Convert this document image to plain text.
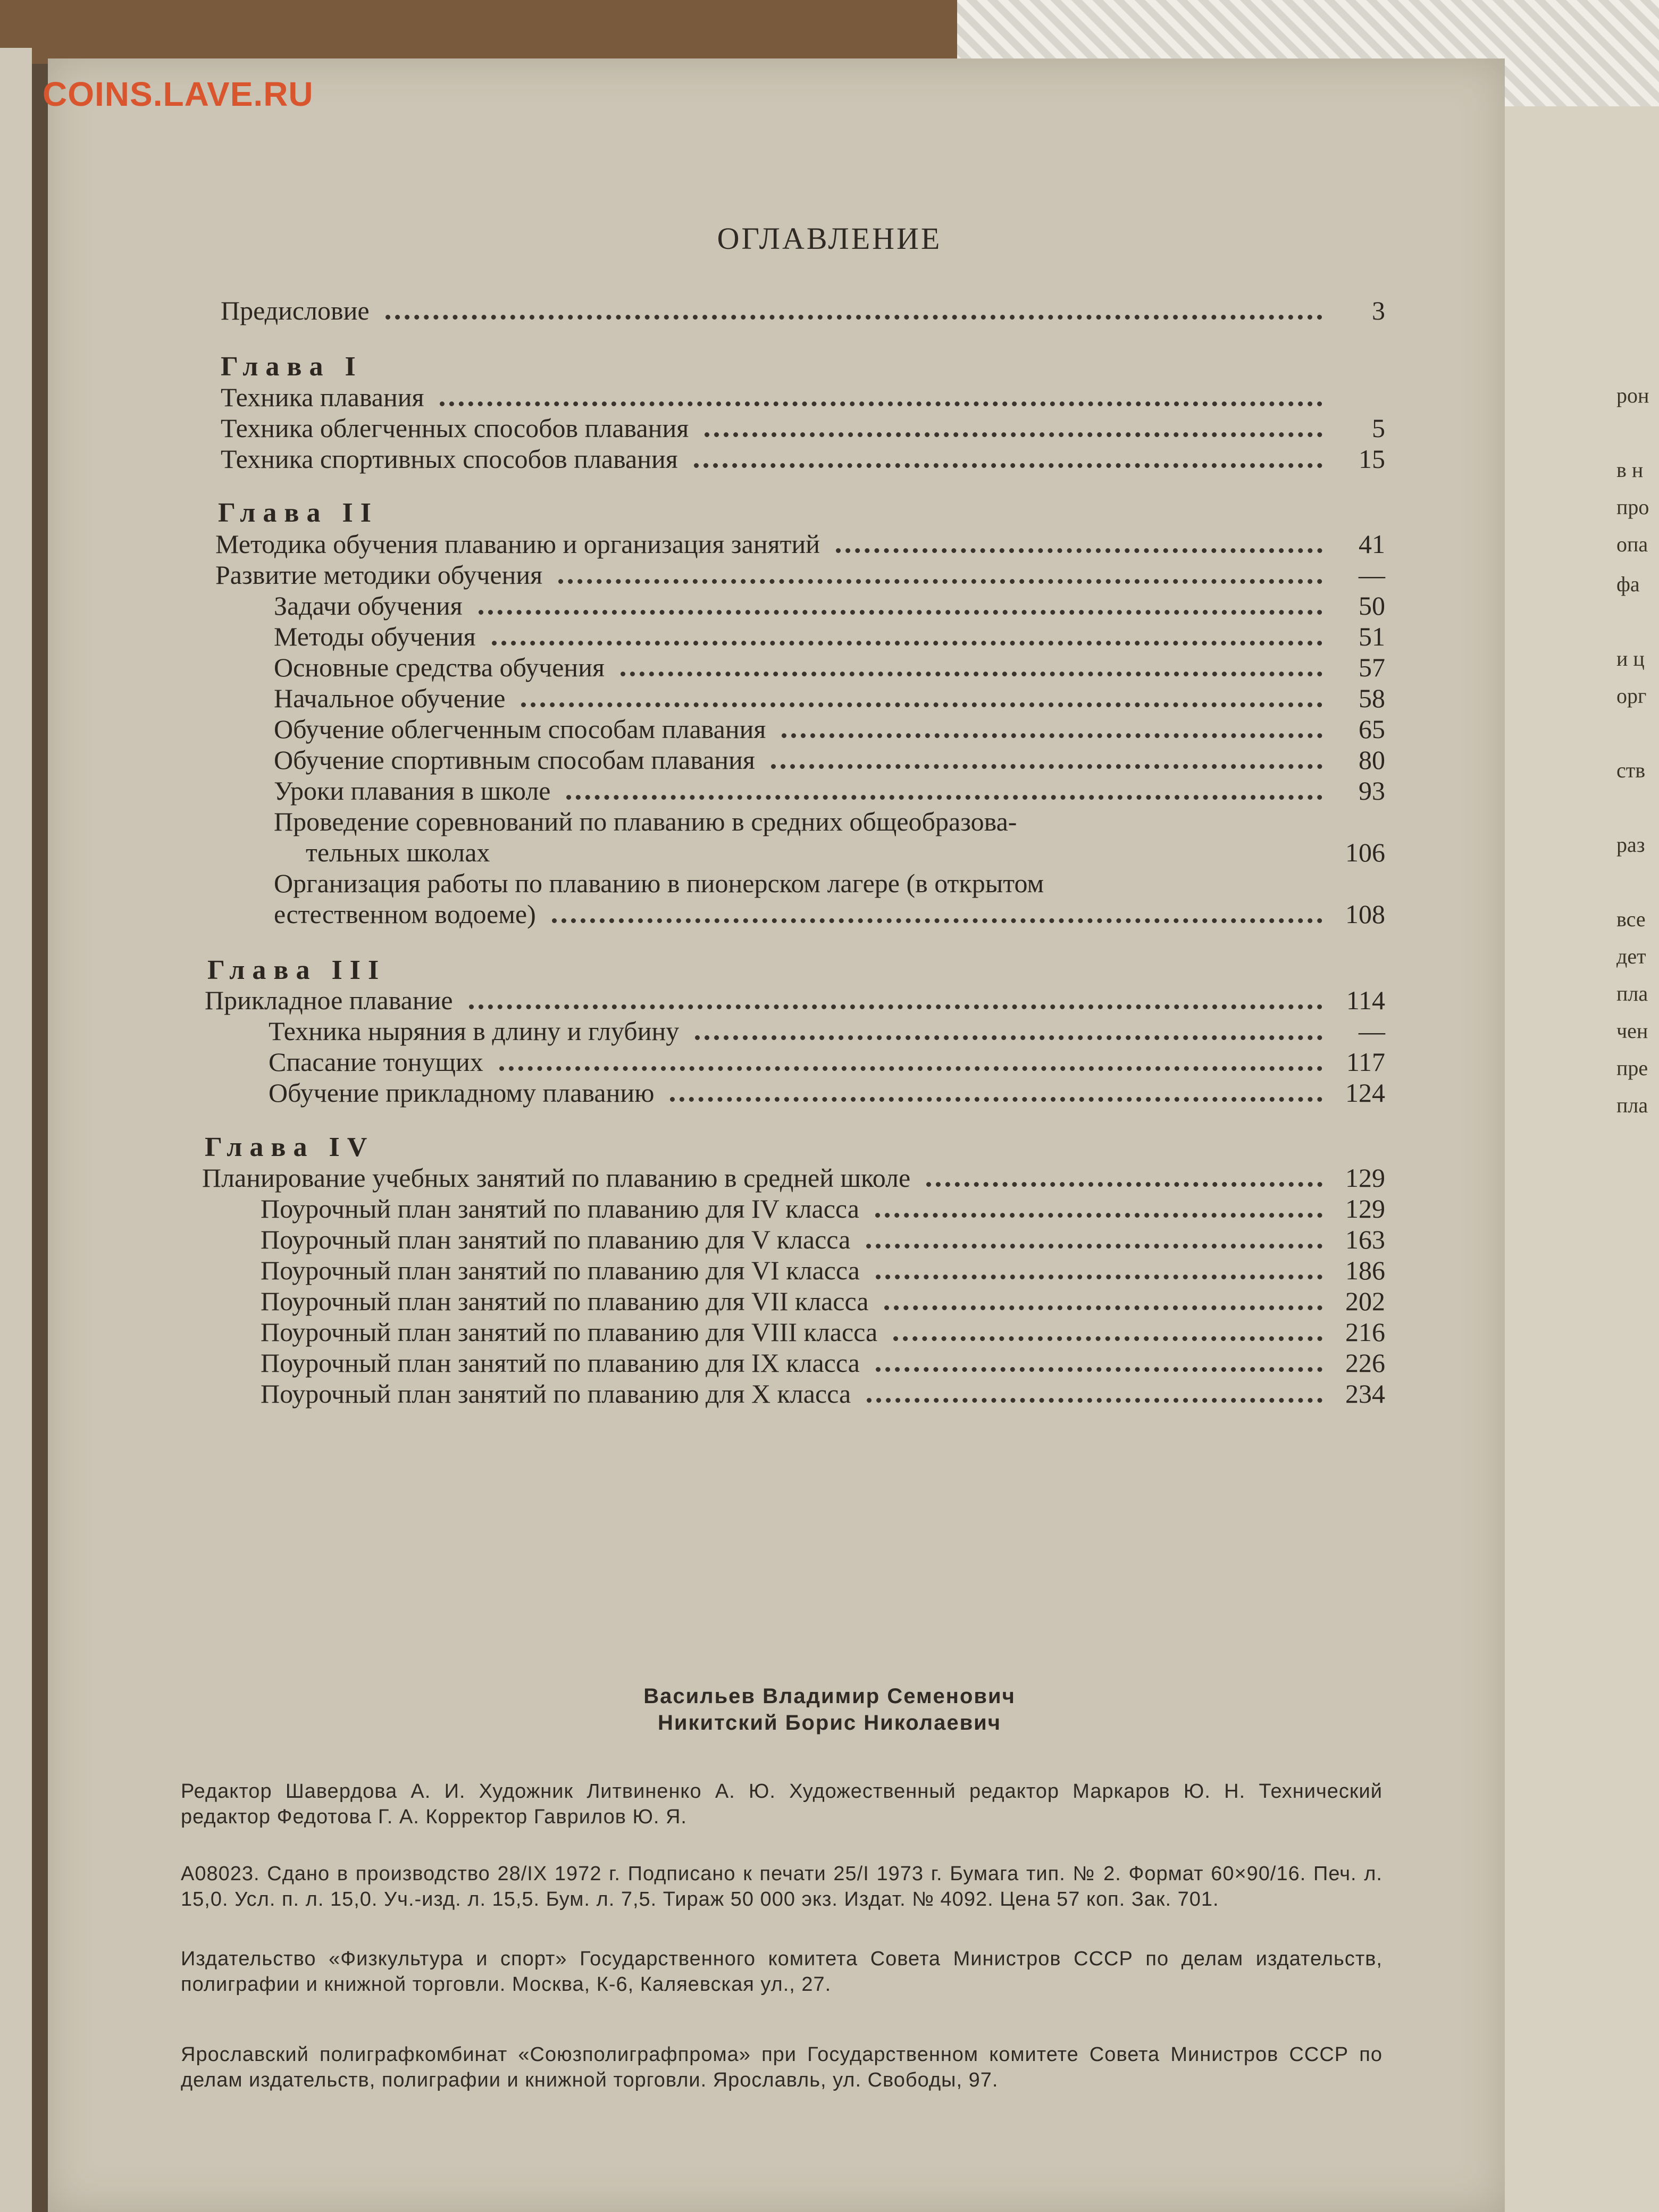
COINS.LAVE.RU
ОГЛАВЛЕНИЕ
Предисловие	3
Глава I
Техника плавания
Техника облегченных способов плавания	5
Техника спортивных способов плавания	15
Глава II
Методика обучения плаванию и организация занятий	41
Развитие методики обучения	—
Задачи обучения	50
Методы обучения	51
Основные средства обучения	57
Начальное обучение	58
Обучение облегченным способам плавания	65
Обучение спортивным способам плавания	80
Уроки плавания в школе	93
Проведение соревнований по плаванию в средних общеобразова-
тельных школах	106
Организация работы по плаванию в пионерском лагере (в открытом
естественном водоеме)	108
Глава III
Прикладное плавание	114
Техника ныряния в длину и глубину	—
Спасание тонущих	117
Обучение прикладному плаванию	124
Глава IV
Планирование учебных занятий по плаванию в средней школе	129
Поурочный план занятий по плаванию для IV класса	129
Поурочный план занятий по плаванию для V класса	163
Поурочный план занятий по плаванию для VI класса	186
Поурочный план занятий по плаванию для VII класса	202
Поурочный план занятий по плаванию для VIII класса	216
Поурочный план занятий по плаванию для IX класса	226
Поурочный план занятий по плаванию для X класса	234
Васильев Владимир Семенович
Никитский Борис Николаевич
Редактор Шавердова А. И. Художник Литвиненко А. Ю. Художественный редактор Маркаров Ю. Н. Технический редактор Федотова Г. А. Корректор Гаврилов Ю. Я.
А08023. Сдано в производство 28/IX 1972 г. Подписано к печати 25/I 1973 г. Бумага тип. № 2. Формат 60×90/16. Печ. л. 15,0. Усл. п. л. 15,0. Уч.-изд. л. 15,5. Бум. л. 7,5. Тираж 50 000 экз. Издат. № 4092. Цена 57 коп. Зак. 701.
Издательство «Физкультура и спорт» Государственного комитета Совета Министров СССР по делам издательств, полиграфии и книжной торговли. Москва, К-6, Каляевская ул., 27.
Ярославский полиграфкомбинат «Союзполиграфпрома» при Государственном комитете Совета Министров СССР по делам издательств, полиграфии и книжной торговли. Ярославль, ул. Свободы, 97.
рон
в н
про
опа
фа
и ц
орг
ств
раз
все
дет
пла
чен
пре
пла
